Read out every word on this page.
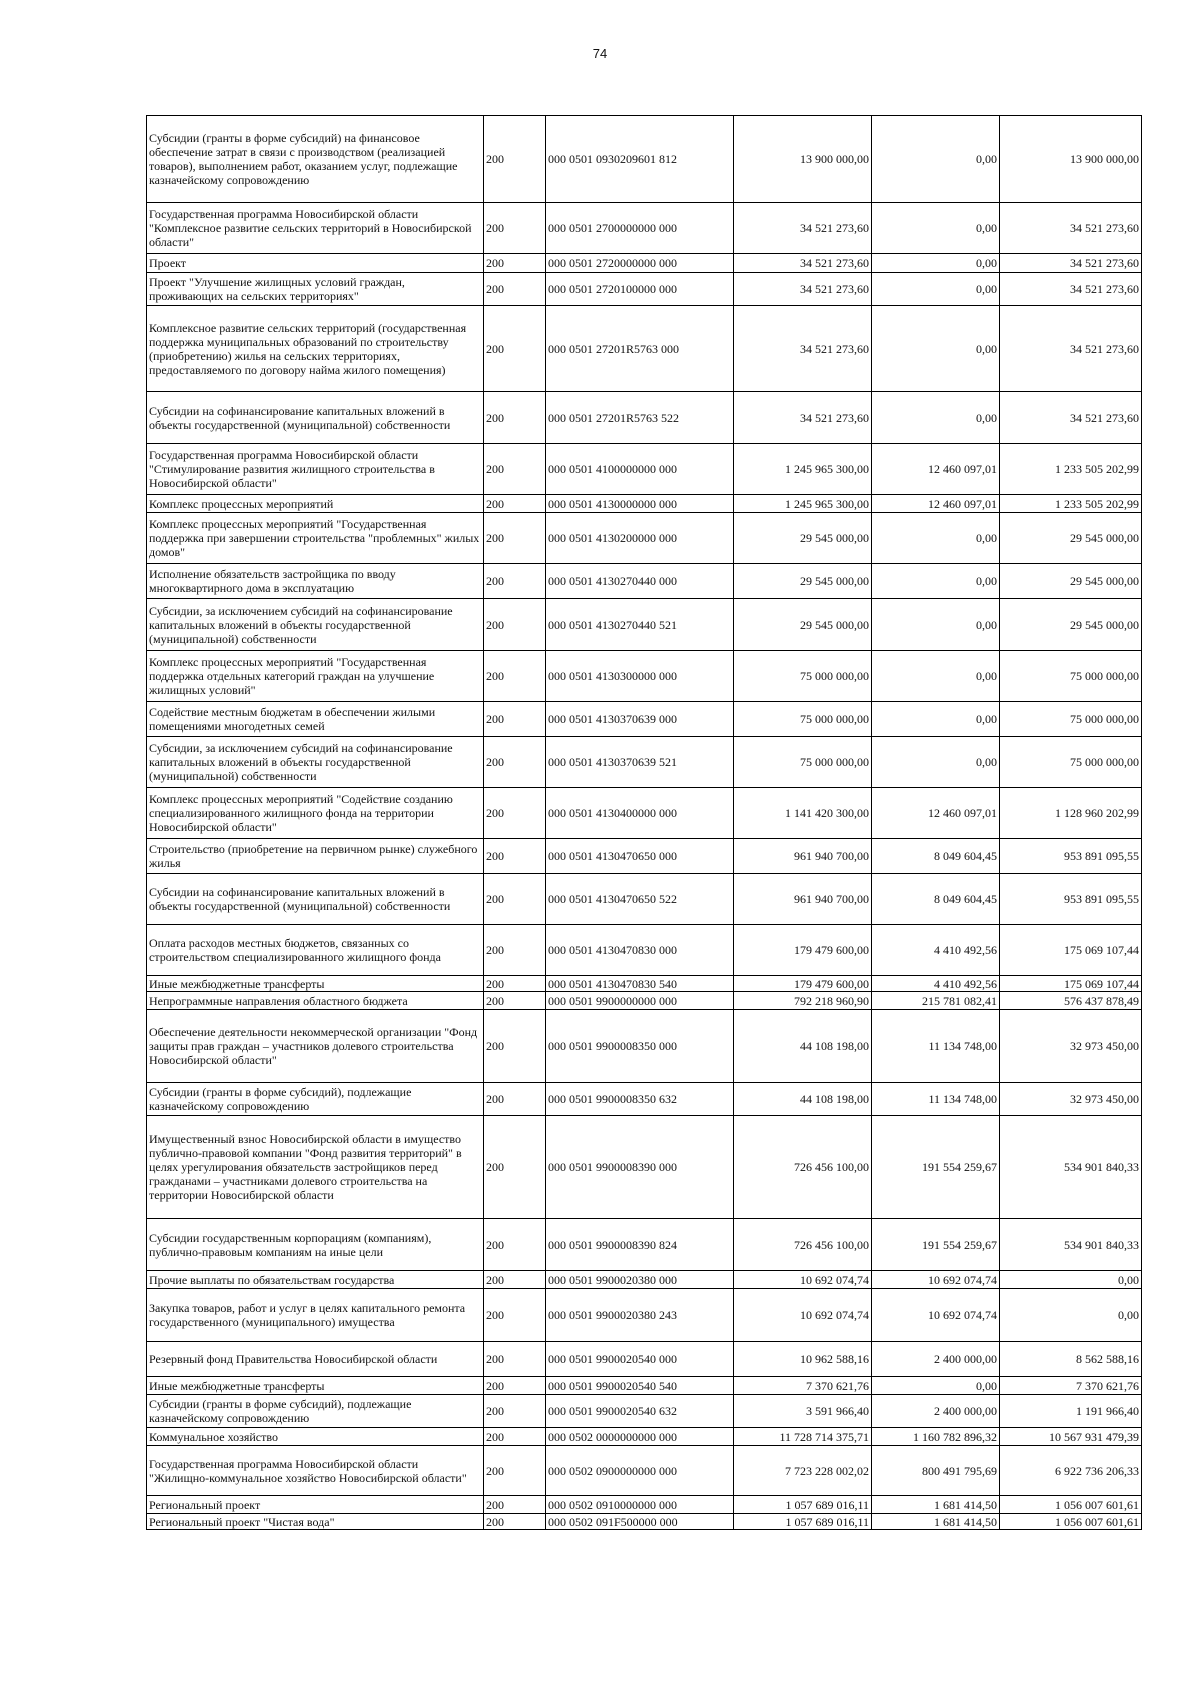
74
Субсидии (гранты в форме субсидий) на финансовое обеспечение затрат в связи с производством (реализацией товаров), выполнением работ, оказанием услуг, подлежащие казначейскому сопровождению	200	000 0501 0930209601 812	13 900 000,00	0,00	13 900 000,00
Государственная программа Новосибирской области "Комплексное развитие сельских территорий в Новосибирской области"	200	000 0501 2700000000 000	34 521 273,60	0,00	34 521 273,60
Проект	200	000 0501 2720000000 000	34 521 273,60	0,00	34 521 273,60
Проект "Улучшение жилищных условий граждан, проживающих на сельских территориях"	200	000 0501 2720100000 000	34 521 273,60	0,00	34 521 273,60
Комплексное развитие сельских территорий (государственная поддержка муниципальных образований по строительству (приобретению) жилья на сельских территориях, предоставляемого по договору найма жилого помещения)	200	000 0501 27201R5763 000	34 521 273,60	0,00	34 521 273,60
Субсидии на софинансирование капитальных вложений в объекты государственной (муниципальной) собственности	200	000 0501 27201R5763 522	34 521 273,60	0,00	34 521 273,60
Государственная программа Новосибирской области "Стимулирование развития жилищного строительства в Новосибирской области"	200	000 0501 4100000000 000	1 245 965 300,00	12 460 097,01	1 233 505 202,99
Комплекс процессных мероприятий	200	000 0501 4130000000 000	1 245 965 300,00	12 460 097,01	1 233 505 202,99
Комплекс процессных мероприятий "Государственная поддержка при завершении строительства "проблемных" жилых домов"	200	000 0501 4130200000 000	29 545 000,00	0,00	29 545 000,00
Исполнение обязательств застройщика по вводу многоквартирного дома в эксплуатацию	200	000 0501 4130270440 000	29 545 000,00	0,00	29 545 000,00
Субсидии, за исключением субсидий на софинансирование капитальных вложений в объекты государственной (муниципальной) собственности	200	000 0501 4130270440 521	29 545 000,00	0,00	29 545 000,00
Комплекс процессных мероприятий "Государственная поддержка отдельных категорий граждан на улучшение жилищных условий"	200	000 0501 4130300000 000	75 000 000,00	0,00	75 000 000,00
Содействие местным бюджетам в обеспечении жилыми помещениями многодетных семей	200	000 0501 4130370639 000	75 000 000,00	0,00	75 000 000,00
Субсидии, за исключением субсидий на софинансирование капитальных вложений в объекты государственной (муниципальной) собственности	200	000 0501 4130370639 521	75 000 000,00	0,00	75 000 000,00
Комплекс процессных мероприятий "Содействие созданию специализированного жилищного фонда на территории Новосибирской области"	200	000 0501 4130400000 000	1 141 420 300,00	12 460 097,01	1 128 960 202,99
Строительство (приобретение на первичном рынке) служебного жилья	200	000 0501 4130470650 000	961 940 700,00	8 049 604,45	953 891 095,55
Субсидии на софинансирование капитальных вложений в объекты государственной (муниципальной) собственности	200	000 0501 4130470650 522	961 940 700,00	8 049 604,45	953 891 095,55
Оплата расходов местных бюджетов, связанных со строительством специализированного жилищного фонда	200	000 0501 4130470830 000	179 479 600,00	4 410 492,56	175 069 107,44
Иные межбюджетные трансферты	200	000 0501 4130470830 540	179 479 600,00	4 410 492,56	175 069 107,44
Непрограммные направления областного бюджета	200	000 0501 9900000000 000	792 218 960,90	215 781 082,41	576 437 878,49
Обеспечение деятельности некоммерческой организации "Фонд защиты прав граждан – участников долевого строительства Новосибирской области"	200	000 0501 9900008350 000	44 108 198,00	11 134 748,00	32 973 450,00
Субсидии (гранты в форме субсидий), подлежащие казначейскому сопровождению	200	000 0501 9900008350 632	44 108 198,00	11 134 748,00	32 973 450,00
Имущественный взнос Новосибирской области в имущество публично-правовой компании "Фонд развития территорий" в целях урегулирования обязательств застройщиков перед гражданами – участниками долевого строительства на территории Новосибирской области	200	000 0501 9900008390 000	726 456 100,00	191 554 259,67	534 901 840,33
Субсидии государственным корпорациям (компаниям), публично-правовым компаниям на иные цели	200	000 0501 9900008390 824	726 456 100,00	191 554 259,67	534 901 840,33
Прочие выплаты по обязательствам государства	200	000 0501 9900020380 000	10 692 074,74	10 692 074,74	0,00
Закупка товаров, работ и услуг в целях капитального ремонта государственного (муниципального) имущества	200	000 0501 9900020380 243	10 692 074,74	10 692 074,74	0,00
Резервный фонд Правительства Новосибирской области	200	000 0501 9900020540 000	10 962 588,16	2 400 000,00	8 562 588,16
Иные межбюджетные трансферты	200	000 0501 9900020540 540	7 370 621,76	0,00	7 370 621,76
Субсидии (гранты в форме субсидий), подлежащие казначейскому сопровождению	200	000 0501 9900020540 632	3 591 966,40	2 400 000,00	1 191 966,40
Коммунальное хозяйство	200	000 0502 0000000000 000	11 728 714 375,71	1 160 782 896,32	10 567 931 479,39
Государственная программа Новосибирской области "Жилищно-коммунальное хозяйство Новосибирской области"	200	000 0502 0900000000 000	7 723 228 002,02	800 491 795,69	6 922 736 206,33
Региональный проект	200	000 0502 0910000000 000	1 057 689 016,11	1 681 414,50	1 056 007 601,61
Региональный проект "Чистая вода"	200	000 0502 091F500000 000	1 057 689 016,11	1 681 414,50	1 056 007 601,61
